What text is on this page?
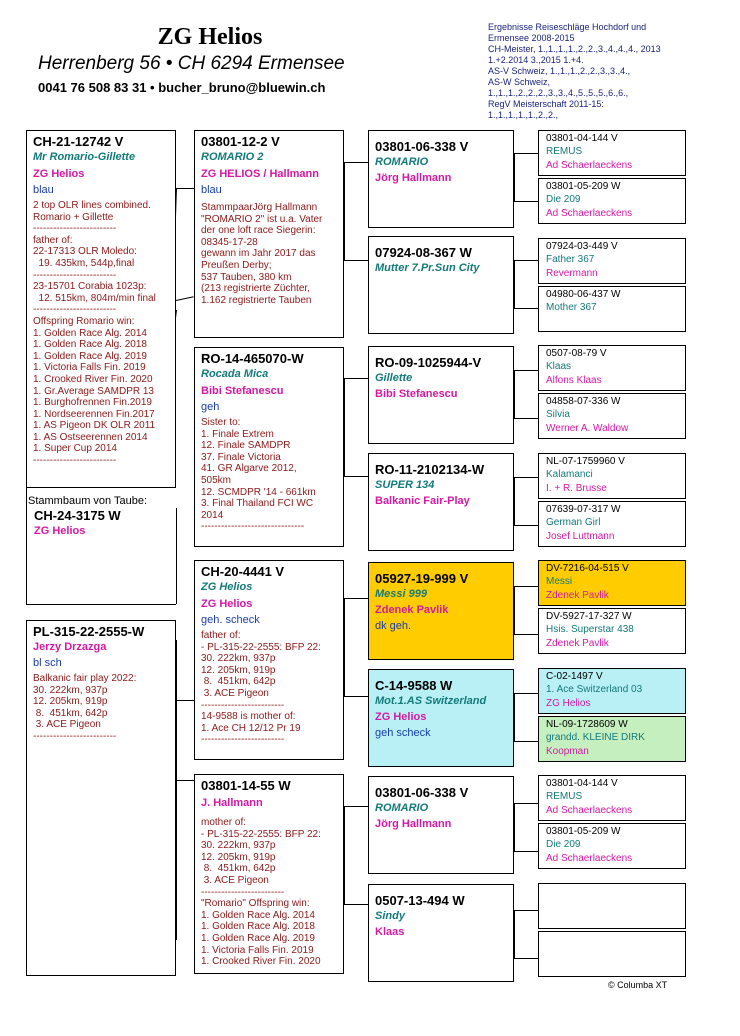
ZG Helios
Herrenberg 56 • CH 6294 Ermensee
0041 76 508 83 31 • bucher_bruno@bluewin.ch
Ergebnisse Reiseschläge Hochdorf und
Ermensee 2008-2015
CH-Meister, 1.,1.,1.,1.,2.,2.,3.,4.,4.,4., 2013
1.+2.2014 3.,2015 1.+4.
AS-V Schweiz, 1.,1.,1.,2.,2.,3.,3.,4.,
AS-W Schweiz,
1.,1.,1.,2.,2.,2.,3.,3.,4.,5.,5.,5.,6.,6.,
RegV Meisterschaft 2011-15:
1.,1.,1.,1.,1.,2.,2.,
CH-21-12742 V
Mr Romario-Gillette
ZG Helios
blau
2 top OLR lines combined.
Romario + Gillette
-------------------------
father of:
22-17313 OLR Moledo:
19. 435km, 544p,final
-------------------------
23-15701 Corabia 1023p:
12. 515km, 804m/min final
-------------------------
Offspring Romario win:
1. Golden Race Alg. 2014
1. Golden Race Alg. 2018
1. Golden Race Alg. 2019
1. Victoria Falls Fin. 2019
1. Crooked River Fin. 2020
1. Gr.Average SAMDPR 13
1. Burghofrennen Fin.2019
1. Nordseerennen Fin.2017
1. AS Pigeon DK OLR 2011
1. AS Ostseerennen 2014
1. Super Cup 2014
-------------------------
Stammbaum von Taube:
CH-24-3175 W
ZG Helios
PL-315-22-2555-W
Jerzy Drzazga
bl sch
Balkanic fair play 2022:
30. 222km, 937p
12. 205km, 919p
8.  451km, 642p
3. ACE Pigeon
-------------------------
03801-12-2 V
ROMARIO 2
ZG HELIOS / Hallmann
blau
StammpaarJörg Hallmann
"ROMARIO 2" ist u.a. Vater
der one loft race Siegerin:
08345-17-28
gewann im Jahr 2017 das
Preußen Derby;
537 Tauben, 380 km
(213 registrierte Züchter,
1.162 registrierte Tauben
RO-14-465070-W
Rocada Mica
Bibi Stefanescu
geh
Sister to:
1. Finale Extrem
12. Finale SAMDPR
37. Finale Victoria
41. GR Algarve 2012,
505km
12. SCMDPR '14 - 661km
3. Final Thailand FCI WC
2014
-------------------------------
CH-20-4441 V
ZG Helios
ZG Helios
geh. scheck
father of:
- PL-315-22-2555: BFP 22:
30. 222km, 937p
12. 205km, 919p
8.  451km, 642p
3. ACE Pigeon
-------------------------
14-9588 is mother of:
1. Ace CH 12/12 Pr 19
-------------------------
03801-14-55 W
J. Hallmann
mother of:
- PL-315-22-2555: BFP 22:
30. 222km, 937p
12. 205km, 919p
8.  451km, 642p
3. ACE Pigeon
-------------------------
"Romario" Offspring win:
1. Golden Race Alg. 2014
1. Golden Race Alg. 2018
1. Golden Race Alg. 2019
1. Victoria Falls Fin. 2019
1. Crooked River Fin. 2020
03801-06-338 V
ROMARIO
Jörg Hallmann
07924-08-367 W
Mutter 7.Pr.Sun City
RO-09-1025944-V
Gillette
Bibi Stefanescu
RO-11-2102134-W
SUPER 134
Balkanic Fair-Play
05927-19-999 V
Messi 999
Zdenek Pavlik
dk geh.
C-14-9588 W
Mot.1.AS Switzerland
ZG Helios
geh scheck
03801-06-338 V
ROMARIO
Jörg Hallmann
0507-13-494 W
Sindy
Klaas
03801-04-144 V
REMUS
Ad Schaerlaeckens
03801-05-209 W
Die 209
Ad Schaerlaeckens
07924-03-449 V
Father 367
Revermann
04980-06-437 W
Mother 367
0507-08-79 V
Klaas
Alfons Klaas
04858-07-336 W
Silvia
Werner A. Waldow
NL-07-1759960 V
Kalamanci
I. + R. Brusse
07639-07-317 W
German Girl
Josef Luttmann
DV-7216-04-515 V
Messi
Zdenek Pavlik
DV-5927-17-327 W
Hsis. Superstar 438
Zdenek Pavlik
C-02-1497 V
1. Ace Switzerland 03
ZG Helios
NL-09-1728609 W
grandd. KLEINE DIRK
Koopman
03801-04-144 V
REMUS
Ad Schaerlaeckens
03801-05-209 W
Die 209
Ad Schaerlaeckens
© Columba XT
